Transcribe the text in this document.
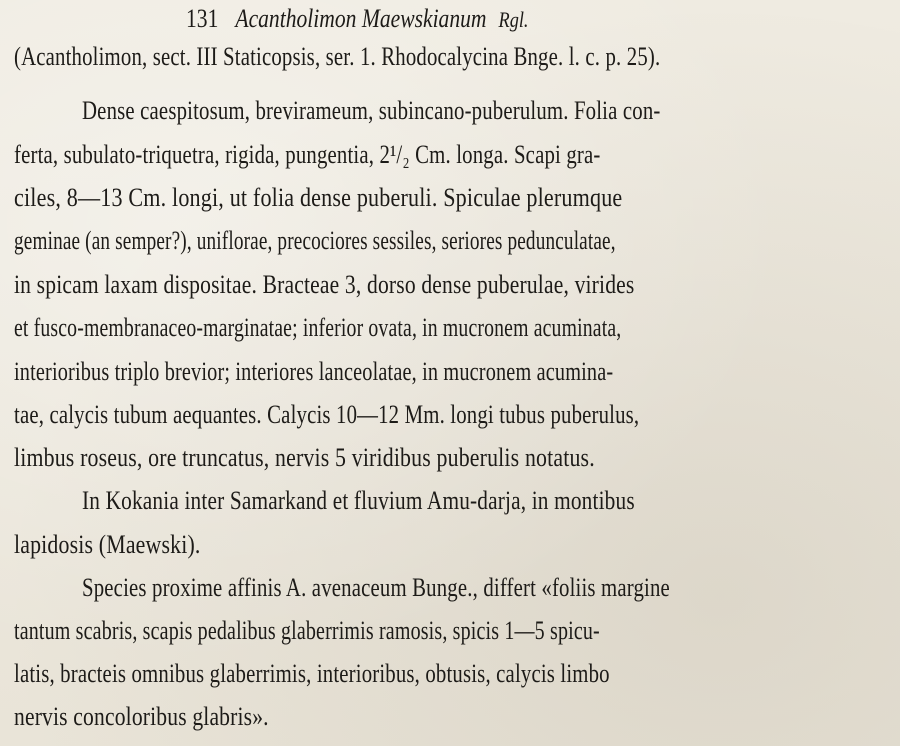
131 Acantholimon Maewskianum Rgl.
(Acantholimon, sect. III Staticopsis, ser. 1. Rhodocalycina Bnge. l. c. p. 25).
Dense caespitosum, brevirameum, subincano-puberulum. Folia con-
ferta, subulato-triquetra, rigida, pungentia, 2¹/₂ Cm. longa. Scapi gra-
ciles, 8—13 Cm. longi, ut folia dense puberuli. Spiculae plerumque
geminae (an semper?), uniflorae, precociores sessiles, seriores pedunculatae,
in spicam laxam dispositae. Bracteae 3, dorso dense puberulae, virides
et fusco-membranaceo-marginatae; inferior ovata, in mucronem acuminata,
interioribus triplo brevior; interiores lanceolatae, in mucronem acumina-
tae, calycis tubum aequantes. Calycis 10—12 Mm. longi tubus puberulus,
limbus roseus, ore truncatus, nervis 5 viridibus puberulis notatus.
In Kokania inter Samarkand et fluvium Amu-darja, in montibus
lapidosis (Maewski).
Species proxime affinis A. avenaceum Bunge., differt «foliis margine
tantum scabris, scapis pedalibus glaberrimis ramosis, spicis 1—5 spicu-
latis, bracteis omnibus glaberrimis, interioribus, obtusis, calycis limbo
nervis concoloribus glabris».
